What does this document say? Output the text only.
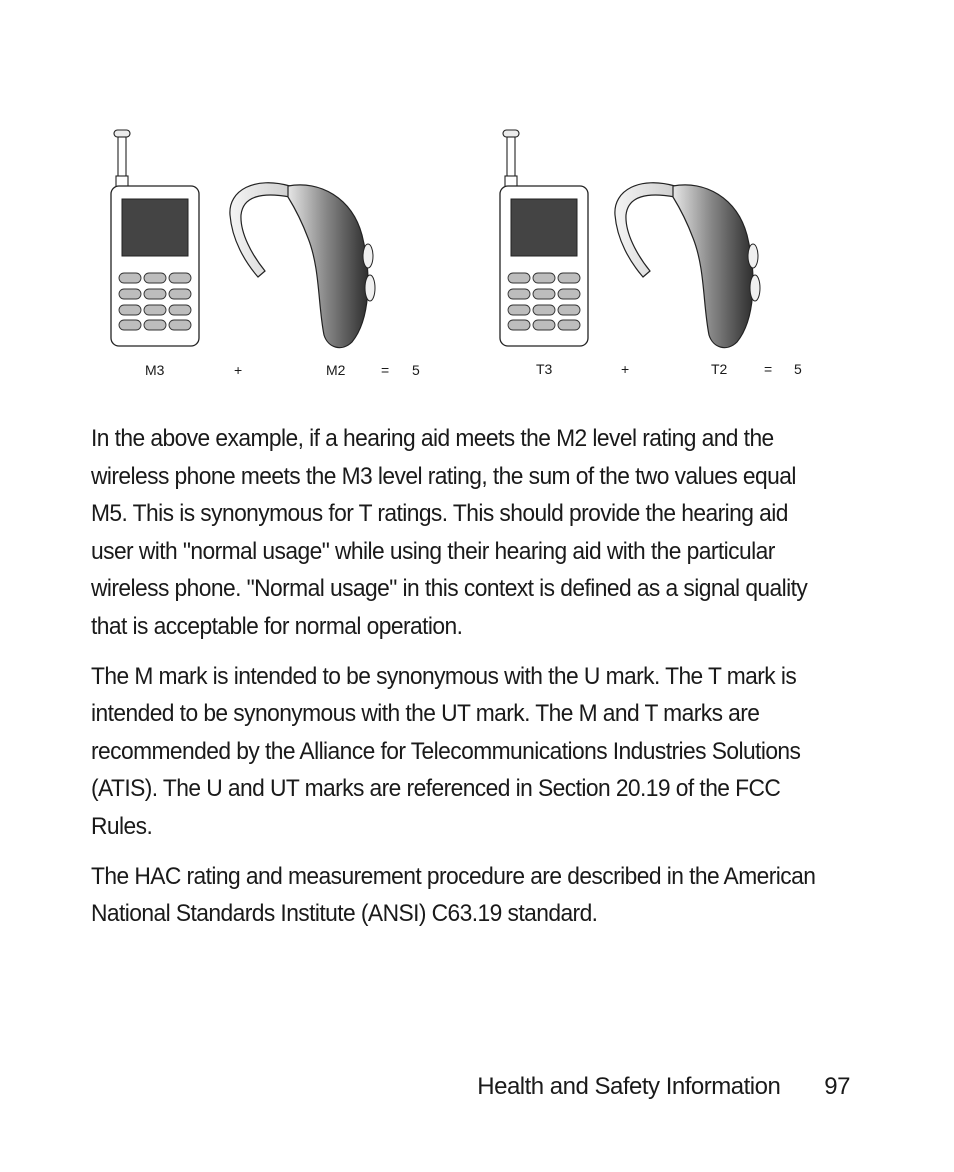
M3	+	M2	= 5	T3	+	T2	= 5

In the above example, if a hearing aid meets the M2 level rating and the wireless phone meets the M3 level rating, the sum of the two values equal M5. This is synonymous for T ratings. This should provide the hearing aid user with "normal usage" while using their hearing aid with the particular wireless phone. "Normal usage" in this context is defined as a signal quality that is acceptable for normal operation.

The M mark is intended to be synonymous with the U mark. The T mark is intended to be synonymous with the UT mark. The M and T marks are recommended by the Alliance for Telecommunications Industries Solutions (ATIS). The U and UT marks are referenced in Section 20.19 of the FCC Rules.

The HAC rating and measurement procedure are described in the American National Standards Institute (ANSI) C63.19 standard.

Health and Safety Information 97
